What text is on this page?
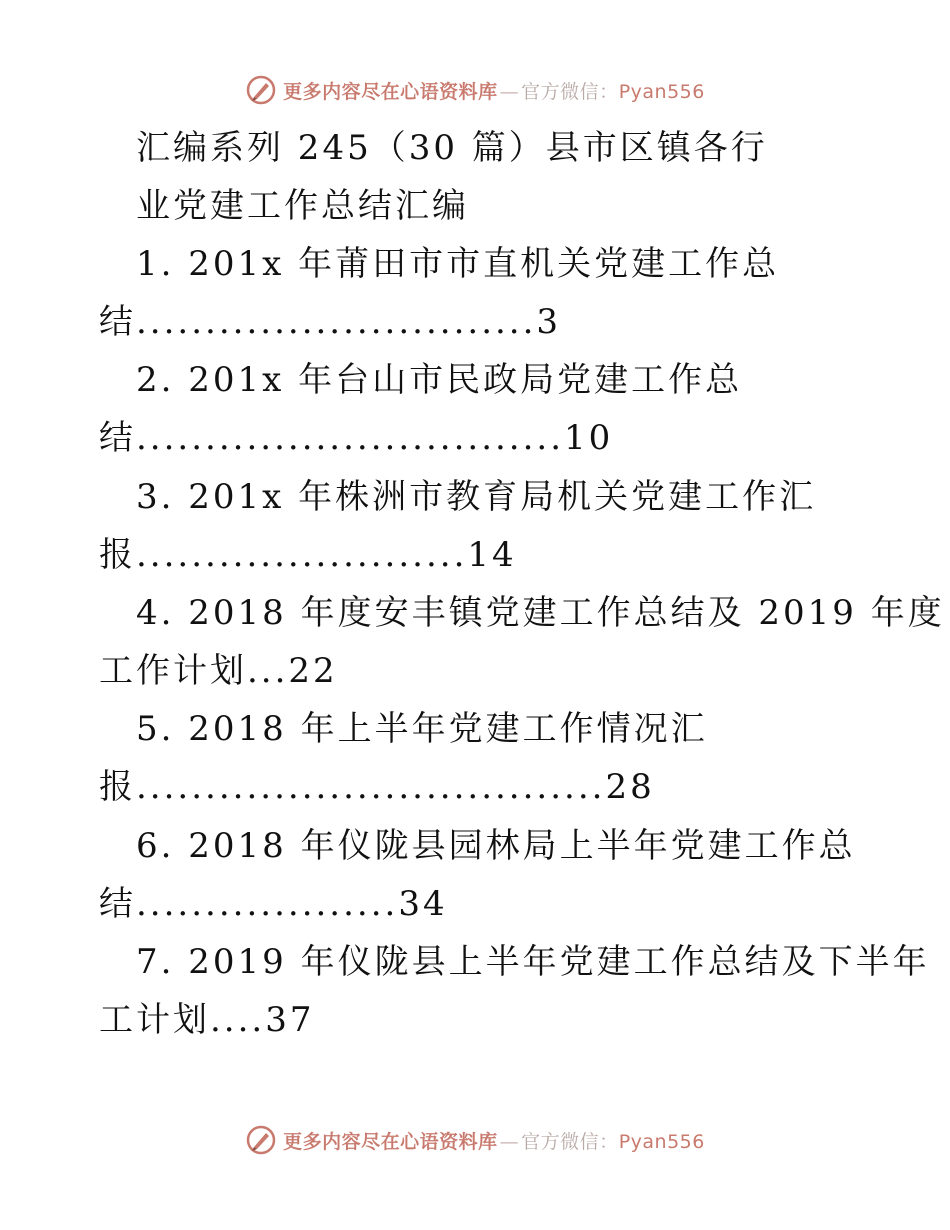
更多内容尽在心语资料库 — 官方微信：Pyan556
汇编系列 245（30 篇）县市区镇各行
业党建工作总结汇编
1. 201x 年莆田市市直机关党建工作总
结.............................3
2. 201x 年台山市民政局党建工作总
结...............................10
3. 201x 年株洲市教育局机关党建工作汇
报........................14
4. 2018 年度安丰镇党建工作总结及 2019 年度
工作计划...22
5. 2018 年上半年党建工作情况汇
报..................................28
6. 2018 年仪陇县园林局上半年党建工作总
结...................34
7. 2019 年仪陇县上半年党建工作总结及下半年
工计划....37
更多内容尽在心语资料库 — 官方微信：Pyan556
